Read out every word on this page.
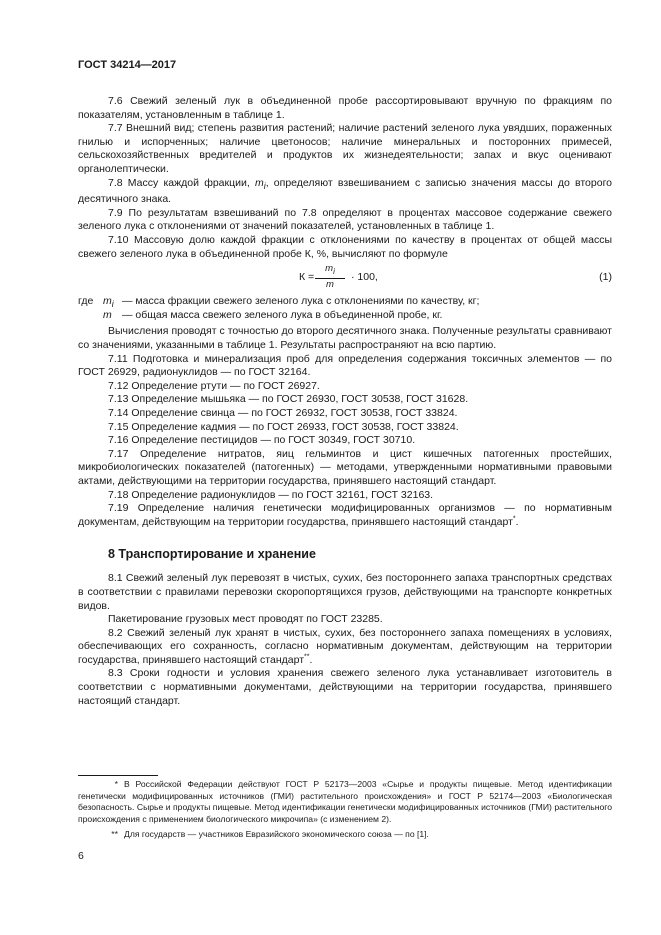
ГОСТ 34214—2017

7.6 Свежий зеленый лук в объединенной пробе рассортировывают вручную по фракциям по показателям, установленным в таблице 1.

7.7 Внешний вид; степень развития растений; наличие растений зеленого лука увядших, пораженных гнилью и испорченных; наличие цветоносов; наличие минеральных и посторонних примесей, сельскохозяйственных вредителей и продуктов их жизнедеятельности; запах и вкус оценивают органолептически.

7.8 Массу каждой фракции, $m_i$, определяют взвешиванием с записью значения массы до второго десятичного знака.

7.9 По результатам взвешиваний по 7.8 определяют в процентах массовое содержание свежего зеленого лука с отклонениями от значений показателей, установленных в таблице 1.

7.10 Массовую долю каждой фракции с отклонениями по качеству в процентах от общей массы свежего зеленого лука в объединенной пробе К, %, вычисляют по формуле

$К = \frac{m_i}{m} \cdot 100$,	(1)
где $m_i$ — масса фракции свежего зеленого лука с отклонениями по качеству, кг;
m — общая масса свежего зеленого лука в объединенной пробе, кг.

Вычисления проводят с точностью до второго десятичного знака. Полученные результаты сравнивают со значениями, указанными в таблице 1. Результаты распространяют на всю партию.

7.11 Подготовка и минерализация проб для определения содержания токсичных элементов — по ГОСТ 26929, радионуклидов — по ГОСТ 32164.

7.12 Определение ртути — по ГОСТ 26927.

7.13 Определение мышьяка — по ГОСТ 26930, ГОСТ 30538, ГОСТ 31628.

7.14 Определение свинца — по ГОСТ 26932, ГОСТ 30538, ГОСТ 33824.

7.15 Определение кадмия — по ГОСТ 26933, ГОСТ 30538, ГОСТ 33824.

7.16 Определение пестицидов — по ГОСТ 30349, ГОСТ 30710.

7.17 Определение нитратов, яиц гельминтов и цист кишечных патогенных простейших, микробиологических показателей (патогенных) — методами, утвержденными нормативными правовыми актами, действующими на территории государства, принявшего настоящий стандарт.

7.18 Определение радионуклидов — по ГОСТ 32161, ГОСТ 32163.

7.19 Определение наличия генетически модифицированных организмов — по нормативным документам, действующим на территории государства, принявшего настоящий стандарт*.

8 Транспортирование и хранение

8.1 Свежий зеленый лук перевозят в чистых, сухих, без постороннего запаха транспортных средствах в соответствии с правилами перевозки скоропортящихся грузов, действующими на транспорте конкретных видов.

Пакетирование грузовых мест проводят по ГОСТ 23285.

8.2 Свежий зеленый лук хранят в чистых, сухих, без постороннего запаха помещениях в условиях, обеспечивающих его сохранность, согласно нормативным документам, действующим на территории государства, принявшего настоящий стандарт**.

8.3 Сроки годности и условия хранения свежего зеленого лука устанавливает изготовитель в соответствии с нормативными документами, действующими на территории государства, принявшего настоящий стандарт.

* В Российской Федерации действуют ГОСТ Р 52173—2003 «Сырье и продукты пищевые. Метод идентификации генетически модифицированных источников (ГМИ) растительного происхождения» и ГОСТ Р 52174—2003 «Биологическая безопасность. Сырье и продукты пищевые. Метод идентификации генетически модифицированных источников (ГМИ) растительного происхождения с применением биологического микрочипа» (с изменением 2).
** Для государств — участников Евразийского экономического союза — по [1].
6
